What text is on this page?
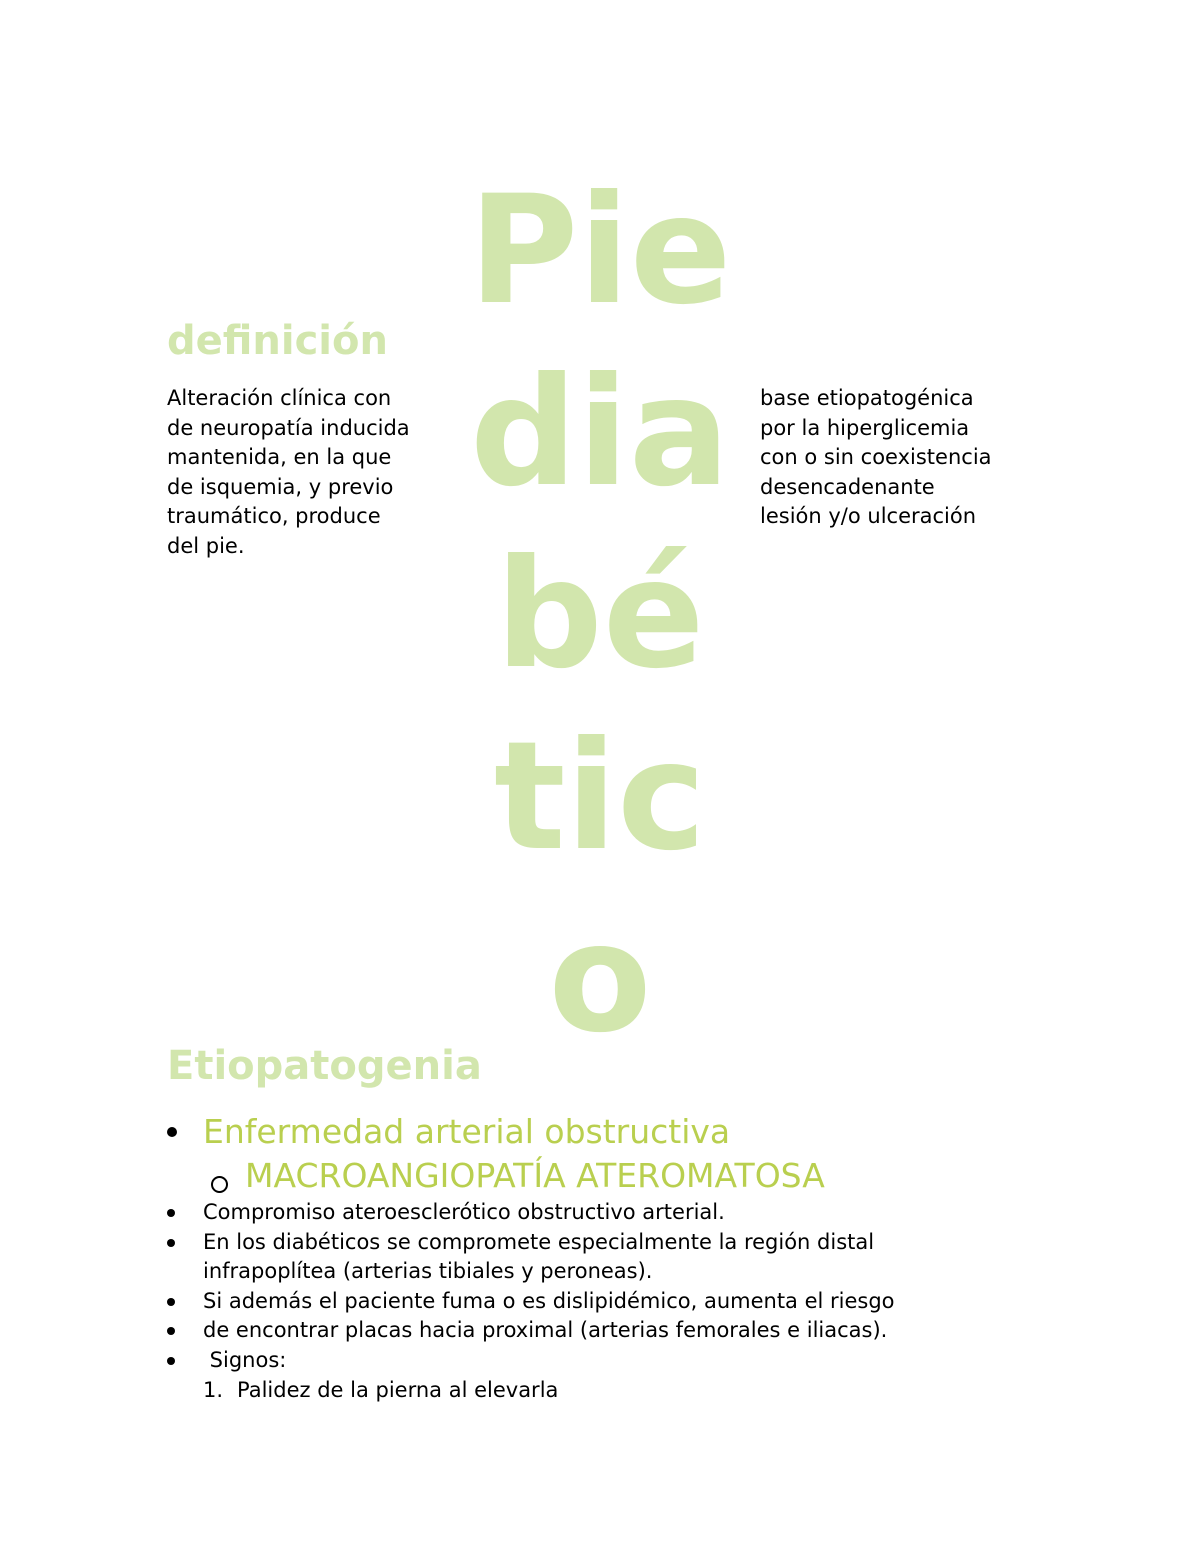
Pie
dia
bé
tic
o
definición

Alteración clínica con
de neuropatía inducida
mantenida, en la que
de isquemia, y previo
traumático, produce
del pie.

base etiopatogénica
por la hiperglicemia
con o sin coexistencia
desencadenante
lesión y/o ulceración

Etiopatogenia
Enfermedad arterial obstructiva
MACROANGIOPATÍA ATEROMATOSA
Compromiso ateroesclerótico obstructivo arterial.
En los diabéticos se compromete especialmente la región distal
infrapoplítea (arterias tibiales y peroneas).
Si además el paciente fuma o es dislipidémico, aumenta el riesgo
de encontrar placas hacia proximal (arterias femorales e iliacas).
Signos:
1. Palidez de la pierna al elevarla
